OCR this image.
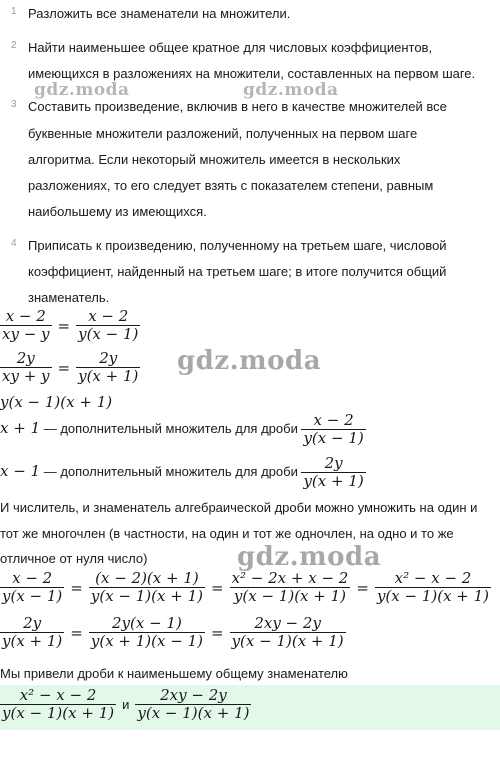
1 Разложить все знаменатели на множители.
2 Найти наименьшее общее кратное для числовых коэффициентов,
имеющихся в разложениях на множители, составленных на первом шаге.
3 Составить произведение, включив в него в качестве множителей все
буквенные множители разложений, полученных на первом шаге
алгоритма. Если некоторый множитель имеется в нескольких
разложениях, то его следует взять с показателем степени, равным
наибольшему из имеющихся.
4 Приписать к произведению, полученному на третьем шаге, числовой
коэффициент, найденный на третьем шаге; в итоге получится общий
знаменатель.
gdz.moda	gdz.moda
gdz.moda
gdz.moda
$\frac{x - 2}{xy - y} = \frac{x - 2}{y(x - 1)}$
$\frac{2y}{xy + y} = \frac{2y}{y(x + 1)}$
y(x − 1)(x + 1)
x + 1 — дополнительный множитель для дроби $\frac{x - 2}{y(x - 1)}$
x − 1 — дополнительный множитель для дроби $\frac{2y}{y(x + 1)}$
И числитель, и знаменатель алгебраической дроби можно умножить на один и
тот же многочлен (в частности, на один и тот же одночлен, на одно и то же
отличное от нуля число)
$\frac{x - 2}{y(x - 1)} = \frac{(x - 2)(x + 1)}{y(x - 1)(x + 1)} = \frac{\text{x² − 2x + x − 2}}{y(x - 1)(x + 1)} = \frac{\text{x² − x − 2}}{y(x - 1)(x + 1)}$
$\frac{2y}{y(x + 1)} = \frac{2y(x - 1)}{y(x + 1)(x - 1)} = \frac{2xy - 2y}{y(x - 1)(x + 1)}$
Мы привели дроби к наименьшему общему знаменателю
$\frac{\text{x² − x − 2}}{y(x - 1)(x + 1)}$ и $\frac{2xy - 2y}{y(x - 1)(x + 1)}$
